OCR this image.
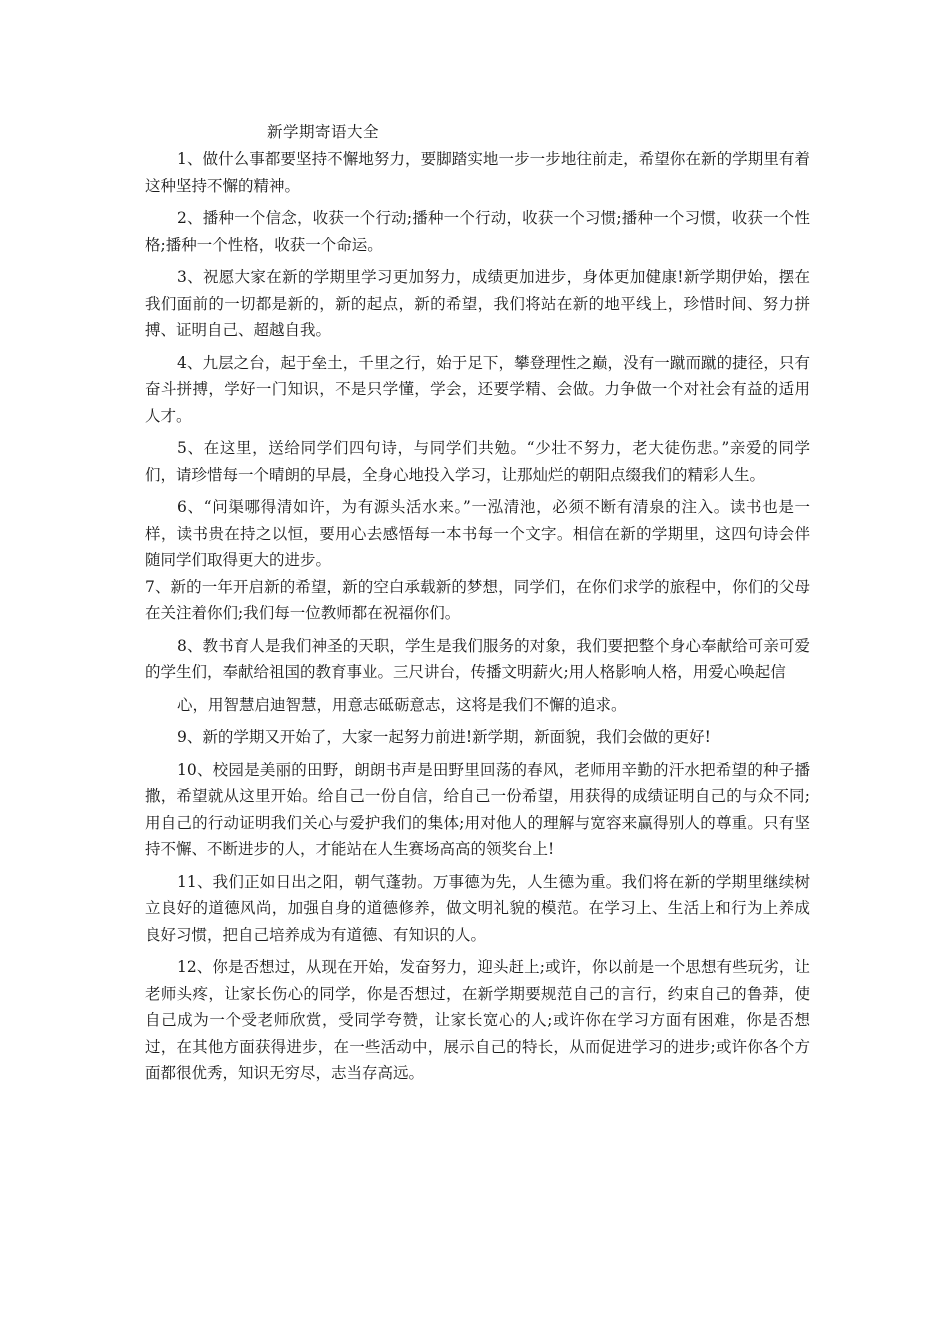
新学期寄语大全

1、做什么事都要坚持不懈地努力，要脚踏实地一步一步地往前走，希望你在新的学期里有着这种坚持不懈的精神。

2、播种一个信念，收获一个行动;播种一个行动，收获一个习惯;播种一个习惯，收获一个性格;播种一个性格，收获一个命运。

3、祝愿大家在新的学期里学习更加努力，成绩更加进步，身体更加健康!新学期伊始，摆在我们面前的一切都是新的，新的起点，新的希望，我们将站在新的地平线上，珍惜时间、努力拼搏、证明自己、超越自我。

4、九层之台，起于垒土，千里之行，始于足下，攀登理性之巅，没有一蹴而蹴的捷径，只有奋斗拼搏，学好一门知识，不是只学懂，学会，还要学精、会做。力争做一个对社会有益的适用人才。

5、在这里，送给同学们四句诗，与同学们共勉。“少壮不努力，老大徒伤悲。”亲爱的同学们，请珍惜每一个晴朗的早晨，全身心地投入学习，让那灿烂的朝阳点缀我们的精彩人生。

6、“问渠哪得清如许，为有源头活水来。”一泓清池，必须不断有清泉的注入。读书也是一样，读书贵在持之以恒，要用心去感悟每一本书每一个文字。相信在新的学期里，这四句诗会伴随同学们取得更大的进步。

7、新的一年开启新的希望，新的空白承载新的梦想，同学们，在你们求学的旅程中，你们的父母在关注着你们;我们每一位教师都在祝福你们。

8、教书育人是我们神圣的天职，学生是我们服务的对象，我们要把整个身心奉献给可亲可爱的学生们，奉献给祖国的教育事业。三尺讲台，传播文明薪火;用人格影响人格，用爱心唤起信

心，用智慧启迪智慧，用意志砥砺意志，这将是我们不懈的追求。

9、新的学期又开始了，大家一起努力前进!新学期，新面貌，我们会做的更好!

10、校园是美丽的田野，朗朗书声是田野里回荡的春风，老师用辛勤的汗水把希望的种子播撒，希望就从这里开始。给自己一份自信，给自己一份希望，用获得的成绩证明自己的与众不同;用自己的行动证明我们关心与爱护我们的集体;用对他人的理解与宽容来赢得别人的尊重。只有坚持不懈、不断进步的人，才能站在人生赛场高高的领奖台上!

11、我们正如日出之阳，朝气蓬勃。万事德为先，人生德为重。我们将在新的学期里继续树立良好的道德风尚，加强自身的道德修养，做文明礼貌的模范。在学习上、生活上和行为上养成良好习惯，把自己培养成为有道德、有知识的人。

12、你是否想过，从现在开始，发奋努力，迎头赶上;或许，你以前是一个思想有些玩劣，让老师头疼，让家长伤心的同学，你是否想过，在新学期要规范自己的言行，约束自己的鲁莽，使自己成为一个受老师欣赏，受同学夸赞，让家长宽心的人;或许你在学习方面有困难，你是否想过，在其他方面获得进步，在一些活动中，展示自己的特长，从而促进学习的进步;或许你各个方面都很优秀，知识无穷尽，志当存高远。
